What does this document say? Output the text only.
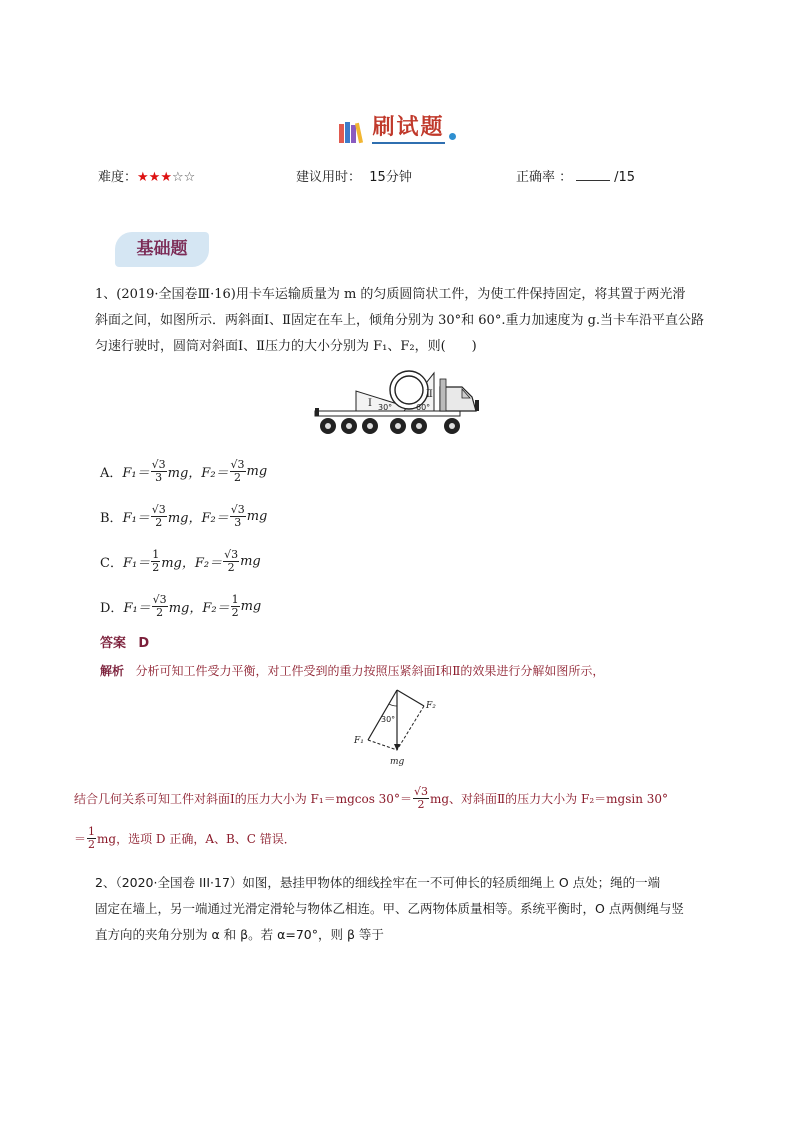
刷试题
难度：★★★☆☆	建议用时： 15分钟	正确率 ：	/15
基础题
1、(2019·全国卷Ⅲ·16)用卡车运输质量为 m 的匀质圆筒状工件，为使工件保持固定，将其置于两光滑
斜面之间，如图所示．两斜面Ⅰ、Ⅱ固定在车上，倾角分别为 30°和 60°.重力加速度为 g.当卡车沿平直公路
匀速行驶时，圆筒对斜面Ⅰ、Ⅱ压力的大小分别为 F₁、F₂，则(　　)
Ⅰ
Ⅱ
30°	60°
A． $F_1= \frac{√3}{3}$ mg， $F_2= \frac{√3}{2}$ mg
B． $F_1= \frac{√3}{2}$ mg， $F_2= \frac{√3}{3}$ mg
C． $F_1= \frac{1}{2}$ mg， $F_2= \frac{√3}{2}$ mg
D． $F_1= \frac{√3}{2}$ mg， $F_2= \frac{1}{2}$ mg
答案 D
解析 分析可知工件受力平衡，对工件受到的重力按照压紧斜面Ⅰ和Ⅱ的效果进行分解如图所示，
30°
F₂
F₁
mg
结合几何关系可知工件对斜面Ⅰ的压力大小为 F₁＝mgcos $30^\circ= \frac{√3}{2}$ mg、对斜面Ⅱ的压力大小为 F₂＝mgsin 30°
＝ $\frac{1}{2}$ mg，选项 D 正确，A、B、C 错误．
2、（2020·全国卷 III·17）如图，悬挂甲物体的细线拴牢在一不可伸长的轻质细绳上 O 点处；绳的一端
固定在墙上，另一端通过光滑定滑轮与物体乙相连。甲、乙两物体质量相等。系统平衡时，O 点两侧绳与竖
直方向的夹角分别为 α 和 β。若 α=70°，则 β 等于
